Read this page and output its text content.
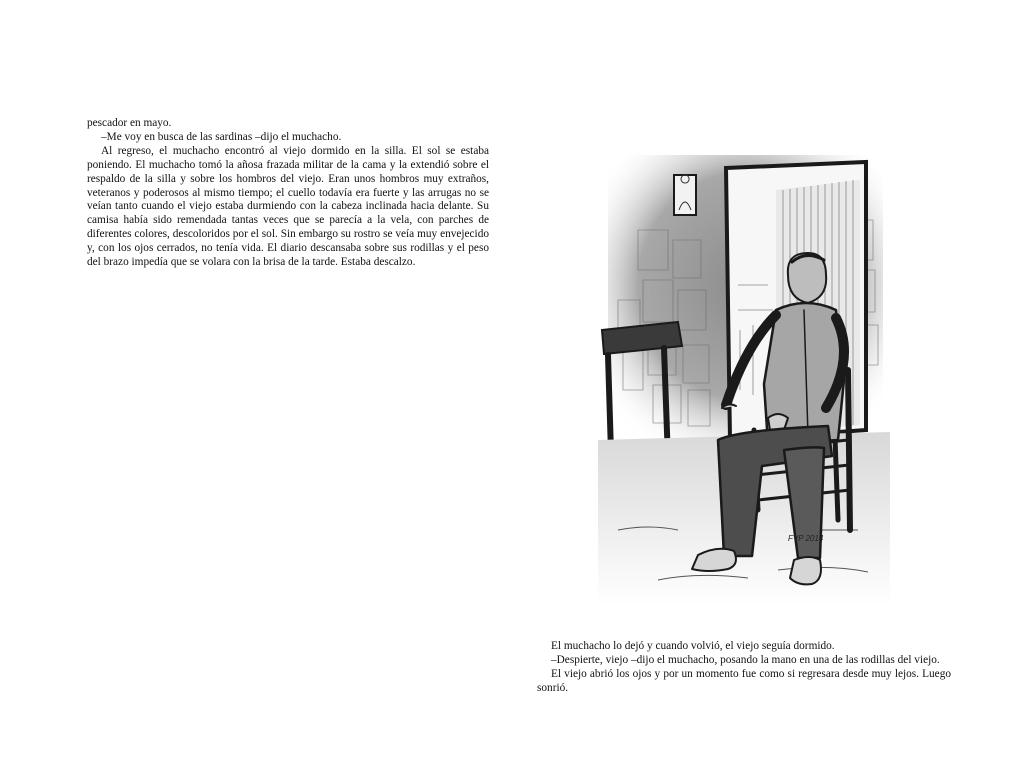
pescador en mayo.

–Me voy en busca de las sardinas –dijo el muchacho.

Al regreso, el muchacho encontró al viejo dormido en la silla. El sol se estaba poniendo. El muchacho tomó la añosa frazada militar de la cama y la extendió sobre el respaldo de la silla y sobre los hombros del viejo. Eran unos hombros muy extraños, veteranos y poderosos al mismo tiempo; el cuello todavía era fuerte y las arrugas no se veían tanto cuando el viejo estaba durmiendo con la cabeza inclinada hacia delante. Su camisa había sido remendada tantas veces que se parecía a la vela, con parches de diferentes colores, descoloridos por el sol. Sin embargo su rostro se veía muy envejecido y, con los ojos cerrados, no tenía vida. El diario descansaba sobre sus rodillas y el peso del brazo impedía que se volara con la brisa de la tarde. Estaba descalzo.

FVP 2014

El muchacho lo dejó y cuando volvió, el viejo seguía dormido.

–Despierte, viejo –dijo el muchacho, posando la mano en una de las rodillas del viejo.

El viejo abrió los ojos y por un momento fue como si regresara desde muy lejos. Luego sonrió.
